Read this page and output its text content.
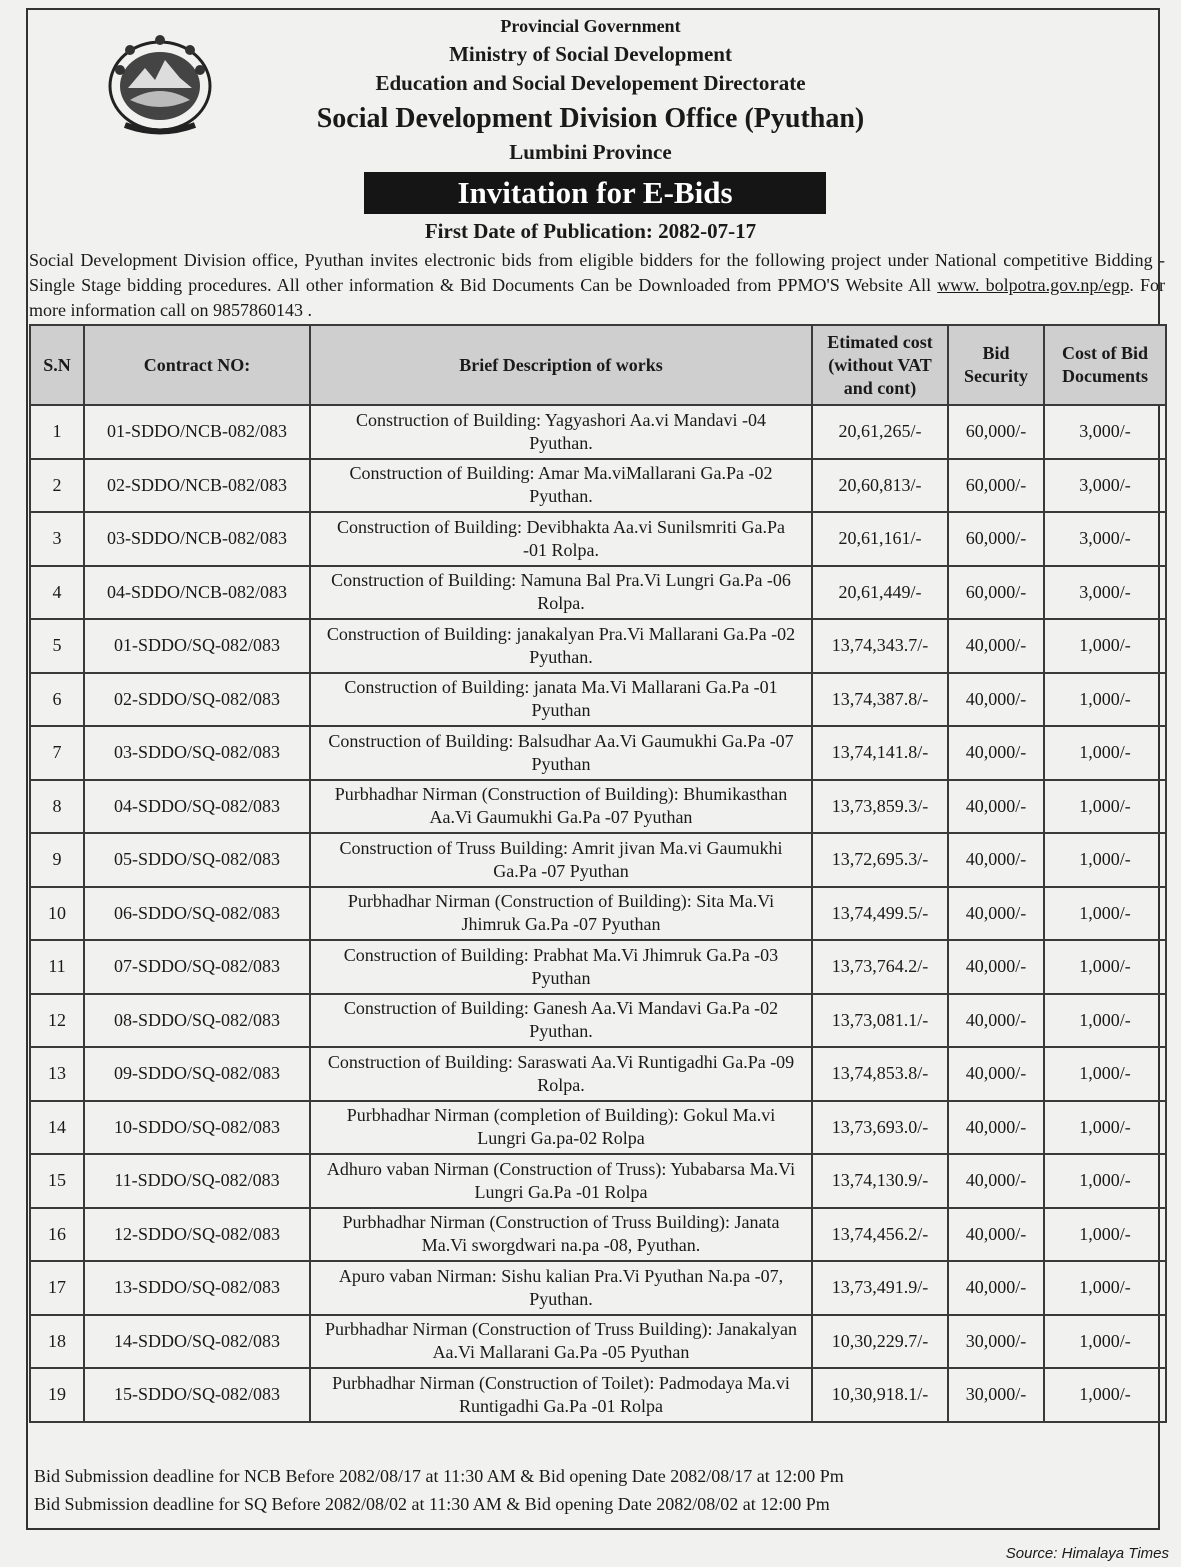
Provincial Government
Ministry of Social Development
Education and Social Developement Directorate
Social Development Division Office (Pyuthan)
Lumbini Province
Invitation for E-Bids
First Date of Publication: 2082-07-17
Social Development Division office, Pyuthan invites electronic bids from eligible bidders for the following project under National competitive Bidding -Single Stage bidding procedures. All other information & Bid Documents Can be Downloaded from PPMO'S Website All www. bolpotra.gov.np/egp. For more information call on 9857860143 .
S.N	Contract NO:	Brief Description of works	Etimated cost (without VAT and cont)	Bid Security	Cost of Bid Documents
1	01-SDDO/NCB-082/083	Construction of Building: Yagyashori Aa.vi Mandavi -04 Pyuthan.	20,61,265/-	60,000/-	3,000/-
2	02-SDDO/NCB-082/083	Construction of Building: Amar Ma.viMallarani Ga.Pa -02 Pyuthan.	20,60,813/-	60,000/-	3,000/-
3	03-SDDO/NCB-082/083	Construction of Building: Devibhakta Aa.vi Sunilsmriti Ga.Pa -01 Rolpa.	20,61,161/-	60,000/-	3,000/-
4	04-SDDO/NCB-082/083	Construction of Building: Namuna Bal Pra.Vi Lungri Ga.Pa -06 Rolpa.	20,61,449/-	60,000/-	3,000/-
5	01-SDDO/SQ-082/083	Construction of Building: janakalyan Pra.Vi Mallarani Ga.Pa -02 Pyuthan.	13,74,343.7/-	40,000/-	1,000/-
6	02-SDDO/SQ-082/083	Construction of Building: janata Ma.Vi Mallarani Ga.Pa -01 Pyuthan	13,74,387.8/-	40,000/-	1,000/-
7	03-SDDO/SQ-082/083	Construction of Building: Balsudhar Aa.Vi Gaumukhi Ga.Pa -07 Pyuthan	13,74,141.8/-	40,000/-	1,000/-
8	04-SDDO/SQ-082/083	Purbhadhar Nirman (Construction of Building): Bhumikasthan Aa.Vi Gaumukhi Ga.Pa -07 Pyuthan	13,73,859.3/-	40,000/-	1,000/-
9	05-SDDO/SQ-082/083	Construction of Truss Building: Amrit jivan Ma.vi Gaumukhi Ga.Pa -07 Pyuthan	13,72,695.3/-	40,000/-	1,000/-
10	06-SDDO/SQ-082/083	Purbhadhar Nirman (Construction of Building): Sita Ma.Vi Jhimruk Ga.Pa -07 Pyuthan	13,74,499.5/-	40,000/-	1,000/-
11	07-SDDO/SQ-082/083	Construction of Building: Prabhat Ma.Vi Jhimruk Ga.Pa -03 Pyuthan	13,73,764.2/-	40,000/-	1,000/-
12	08-SDDO/SQ-082/083	Construction of Building: Ganesh Aa.Vi Mandavi Ga.Pa -02 Pyuthan.	13,73,081.1/-	40,000/-	1,000/-
13	09-SDDO/SQ-082/083	Construction of Building: Saraswati Aa.Vi Runtigadhi Ga.Pa -09 Rolpa.	13,74,853.8/-	40,000/-	1,000/-
14	10-SDDO/SQ-082/083	Purbhadhar Nirman (completion of Building): Gokul Ma.vi Lungri Ga.pa-02 Rolpa	13,73,693.0/-	40,000/-	1,000/-
15	11-SDDO/SQ-082/083	Adhuro vaban Nirman (Construction of Truss): Yubabarsa Ma.Vi Lungri Ga.Pa -01 Rolpa	13,74,130.9/-	40,000/-	1,000/-
16	12-SDDO/SQ-082/083	Purbhadhar Nirman (Construction of Truss Building): Janata Ma.Vi sworgdwari na.pa -08, Pyuthan.	13,74,456.2/-	40,000/-	1,000/-
17	13-SDDO/SQ-082/083	Apuro vaban Nirman: Sishu kalian Pra.Vi Pyuthan Na.pa -07, Pyuthan.	13,73,491.9/-	40,000/-	1,000/-
18	14-SDDO/SQ-082/083	Purbhadhar Nirman (Construction of Truss Building): Janakalyan Aa.Vi Mallarani Ga.Pa -05 Pyuthan	10,30,229.7/-	30,000/-	1,000/-
19	15-SDDO/SQ-082/083	Purbhadhar Nirman (Construction of Toilet): Padmodaya Ma.vi Runtigadhi Ga.Pa -01 Rolpa	10,30,918.1/-	30,000/-	1,000/-
Bid Submission deadline for NCB Before 2082/08/17 at 11:30 AM & Bid opening Date 2082/08/17 at 12:00 Pm
Bid Submission deadline for SQ Before 2082/08/02 at 11:30 AM & Bid opening Date 2082/08/02 at 12:00 Pm
Source: Himalaya Times
